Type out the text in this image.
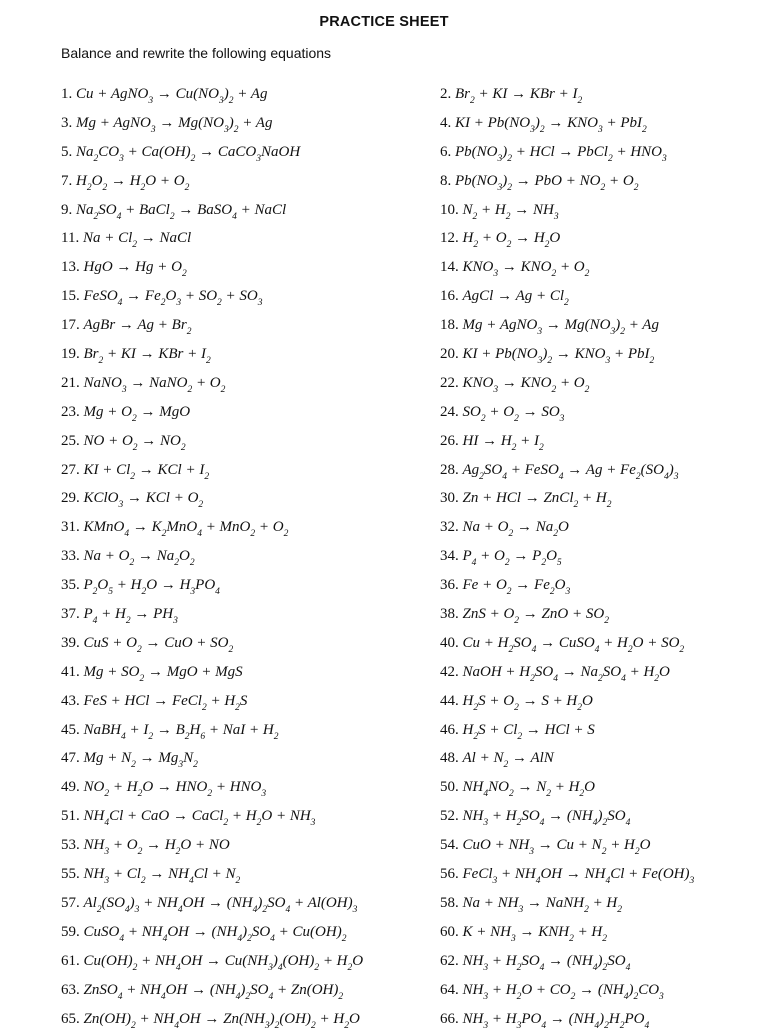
PRACTICE SHEET
Balance and rewrite the following equations
1. Cu + AgNO$_3$ → $Cu(NO_3)_2 + Ag$
3. Mg + AgNO$_3$ → $Mg(NO_3)_2 + Ag$
5. $Na_2CO_3 + Ca(OH)_2$ → CaCO$_3$NaOH
7. $H_2O_2 \to H_2O + O_2$
9. $Na_2SO_4$ + BaCl$_2$ → BaSO$_4$ + NaCl
11. $Na + Cl_2$ → NaCl
13. HgO → $Hg + O_2$
15. FeSO$_4$ → $Fe_2O_3 + SO_2 + SO_3$
17. AgBr → $Ag + Br_2$
19. $Br_2$ + KI → KBr + $I_2$
21. NaNO$_3$ → NaNO$_2$ + $O_2$
23. $Mg + O_2$ → MgO
25. NO + $O_2 \to NO_2$
27. KI + $Cl_2$ → KCl + $I_2$
29. KClO$_3$ → KCl + $O_2$
31. KMnO$_4$ → $K_2MnO_4 + MnO_2 + O_2$
33. $Na + O_2 \to Na_2O_2$
35. $P_2O_5 + H_2O \to H_3PO_4$
37. $P_4 + H_2 \to PH_3$
39. CuS + $O_2$ → CuO + $SO_2$
41. $Mg + SO_2$ → MgO + MgS
43. FeS + HCl → FeCl$_2$ + $H_2S$
45. NaBH$_4$ + $I_2 \to B_2H_6$ + NaI + $H_2$
47. $Mg + N_2 \to Mg_3N_2$
49. $NO_2 + H_2O \to HNO_2 + HNO_3$
51. $NH_4Cl$ + CaO → CaCl$_2$ + $H_2O + NH_3$
53. $NH_3 + O_2 \to H_2O$ + NO
55. $NH_3 + Cl_2 \to NH_4Cl + N_2$
57. $Al_2(SO_4)_3 + NH_4OH \to (NH_4)_2SO_4 + Al(OH)_3$
59. CuSO$_4$ + $NH_4OH \to (NH_4)_2SO_4 + Cu(OH)_2$
61. $Cu(OH)_2 + NH_4OH \to Cu(NH_3)_4(OH)_2 + H_2O$
63. ZnSO$_4$ + $NH_4OH \to (NH_4)_2SO_4 + Zn(OH)_2$
65. $Zn(OH)_2 + NH_4OH \to Zn(NH_3)_2(OH)_2 + H_2O$
2. $Br_2$ + KI → KBr + $I_2$
4. KI + $Pb(NO_3)_2 \to KNO_3 + PbI_2$
6. $Pb(NO_3)_2$ + HCl → PbCl$_2$ + $HNO_3$
8. $Pb(NO_3)_2$ → PbO + $NO_2 + O_2$
10. $N_2 + H_2 \to NH_3$
12. $H_2 + O_2 \to H_2O$
14. $KNO_3 \to KNO_2 + O_2$
16. AgCl → $Ag + Cl_2$
18. Mg + AgNO$_3$ → $Mg(NO_3)_2 + Ag$
20. KI + $Pb(NO_3)_2 \to KNO_3 + PbI_2$
22. $KNO_3 \to KNO_2 + O_2$
24. $SO_2 + O_2 \to SO_3$
26. HI → $H_2 + I_2$
28. $Ag_2SO_4$ + FeSO$_4$ → $Ag + Fe_2(SO_4)_3$
30. Zn + HCl → ZnCl$_2$ + $H_2$
32. $Na + O_2 \to Na_2O$
34. $P_4 + O_2 \to P_2O_5$
36. $Fe + O_2 \to Fe_2O_3$
38. ZnS + $O_2$ → ZnO + $SO_2$
40. $Cu + H_2SO_4$ → CuSO$_4$ + $H_2O + SO_2$
42. NaOH + $H_2SO_4 \to Na_2SO_4 + H_2O$
44. $H_2S + O_2 \to S + H_2O$
46. $H_2S + Cl_2$ → HCl + S
48. $Al + N_2$ → AlN
50. $NH_4NO_2 \to N_2 + H_2O$
52. $NH_3 + H_2SO_4 \to (NH_4)_2SO_4$
54. CuO + $NH_3 \to Cu + N_2 + H_2O$
56. FeCl$_3$ + $NH_4OH \to NH_4Cl + Fe(OH)_3$
58. $Na + NH_3$ → NaNH$_2$ + $H_2$
60. $K + NH_3 \to KNH_2 + H_2$
62. $NH_3 + H_2SO_4 \to (NH_4)_2SO_4$
64. $NH_3 + H_2O + CO_2 \to (NH_4)_2CO_3$
66. $NH_3 + H_3PO_4 \to (NH_4)_2H_2PO_4$
